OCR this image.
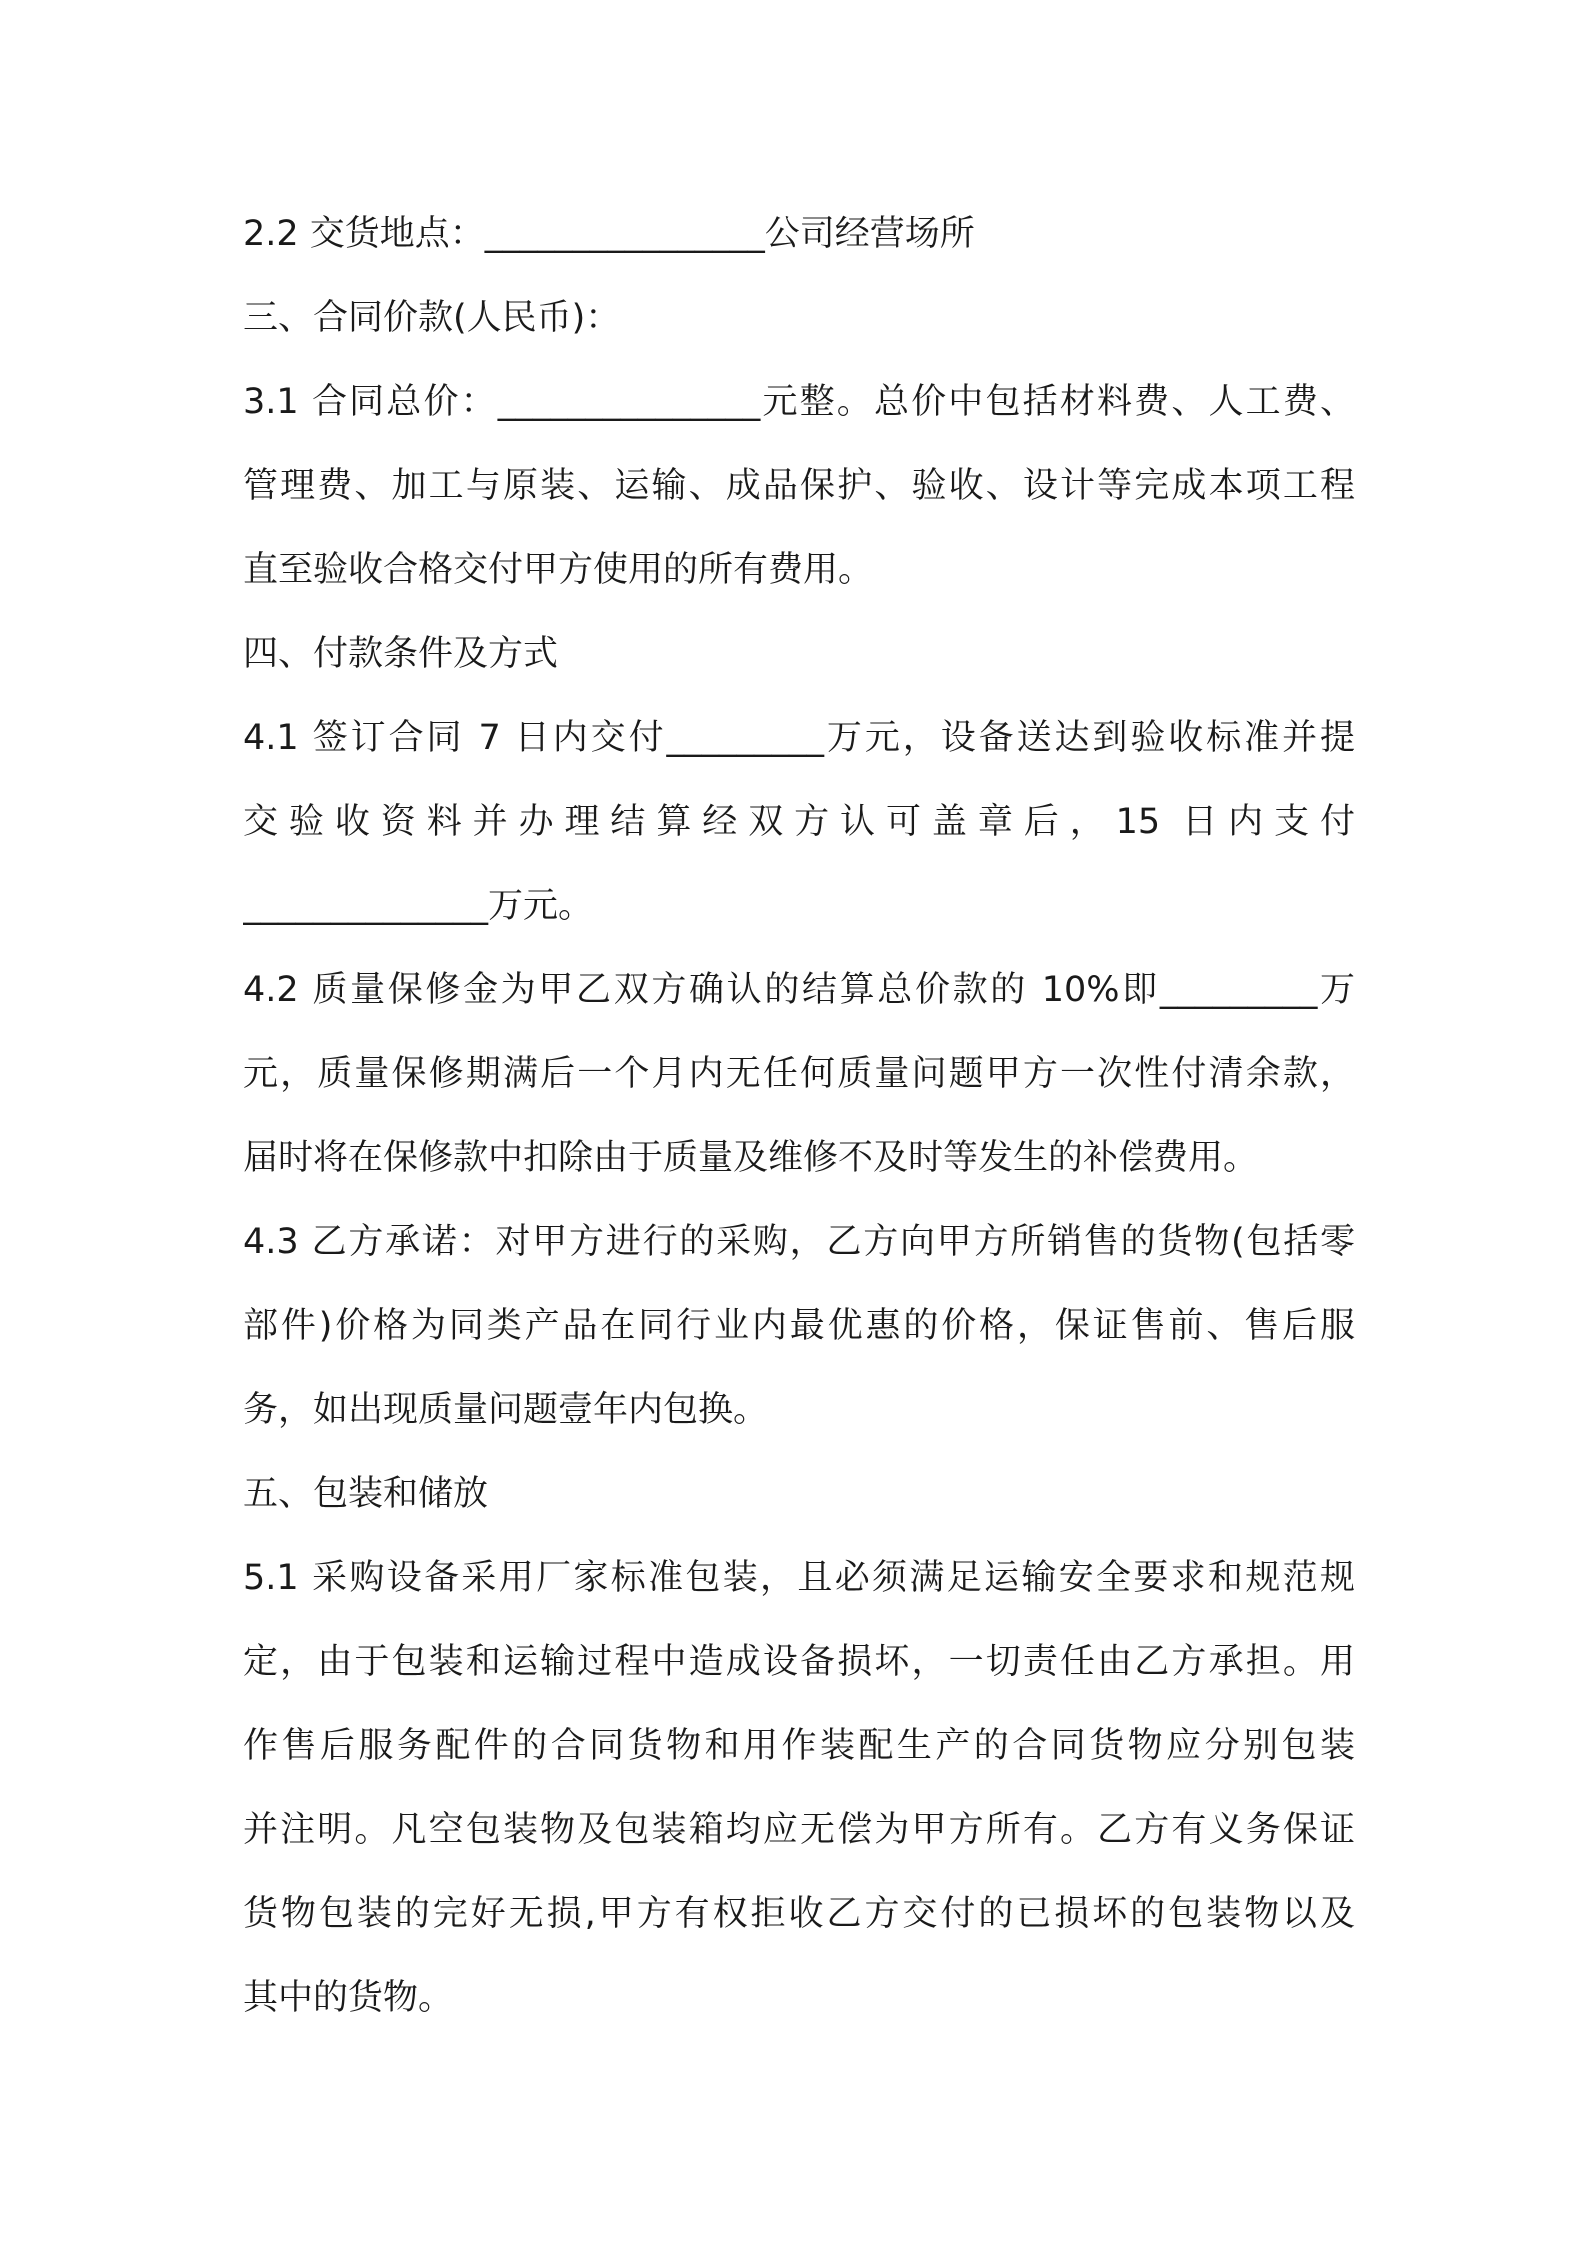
2.2 交货地点：________________公司经营场所
三、合同价款(人民币)：
3.1 合同总价：_______________元整。总价中包括材料费、人工费、
管理费、加工与原装、运输、成品保护、验收、设计等完成本项工程
直至验收合格交付甲方使用的所有费用。
四、付款条件及方式
4.1 签订合同 7 日内交付_________万元，设备送达到验收标准并提
交验收资料并办理结算经双方认可盖章后，15 日内支付
______________万元。
4.2 质量保修金为甲乙双方确认的结算总价款的 10%即_________万
元，质量保修期满后一个月内无任何质量问题甲方一次性付清余款，
届时将在保修款中扣除由于质量及维修不及时等发生的补偿费用。
4.3 乙方承诺：对甲方进行的采购，乙方向甲方所销售的货物(包括零
部件)价格为同类产品在同行业内最优惠的价格，保证售前、售后服
务，如出现质量问题壹年内包换。
五、包装和储放
5.1 采购设备采用厂家标准包装，且必须满足运输安全要求和规范规
定，由于包装和运输过程中造成设备损坏，一切责任由乙方承担。用
作售后服务配件的合同货物和用作装配生产的合同货物应分别包装
并注明。凡空包装物及包装箱均应无偿为甲方所有。乙方有义务保证
货物包装的完好无损,甲方有权拒收乙方交付的已损坏的包装物以及
其中的货物。
